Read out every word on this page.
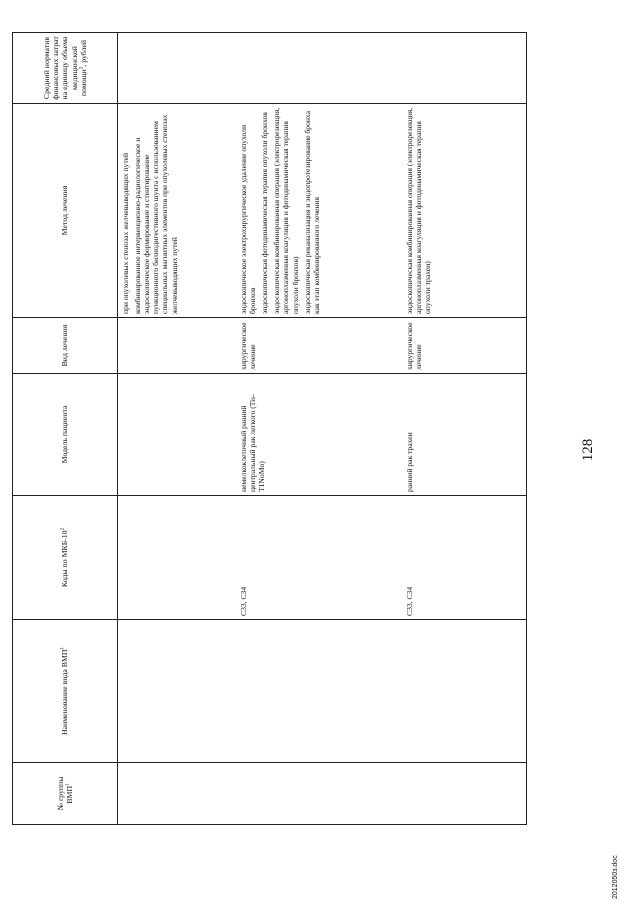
128
№ группы ВМП$^1$	Наименование вида ВМП$^1$	Коды по МКБ-$10^2$	Модель пациента	Вид лечения	Метод лечения	Средний норматив финансовых затрат на единицу объема медицинской помощи$^3$, рублей

					при опухолевых стенозах желчевыводящих путей комбинированное интервенционно-радиологическое и эндоскопическое формирование и стентирование пункционного билиодигестивного шунта с использованием специальных магнитных элементов при опухолевых стенозах желчевыводящих путей	

		С33, С34	немелкоклеточный ранний центральный рак легкого (Tis-T1NoMo)	хирургическое лечение	эндоскопическое электрохирургическое удаление опухоли бронхов эндоскопическая фотодинамическая терапия опухоли бронхов эндоскопическая комбинированная операция (электрорезекция, аргоноплазменная коагуляция и фотодинамическая терапия опухоли бронхов) эндоскопическая реканализация и эндопротезирование бронха как этап комбинированного лечения	

		С33, С34	ранний рак трахеи	хирургическое лечение	эндоскопическая комбинированная операция (электрорезекция, аргоноплазменная коагуляция и фотодинамическая терапия опухоли трахеи)	

2012050з.doc
